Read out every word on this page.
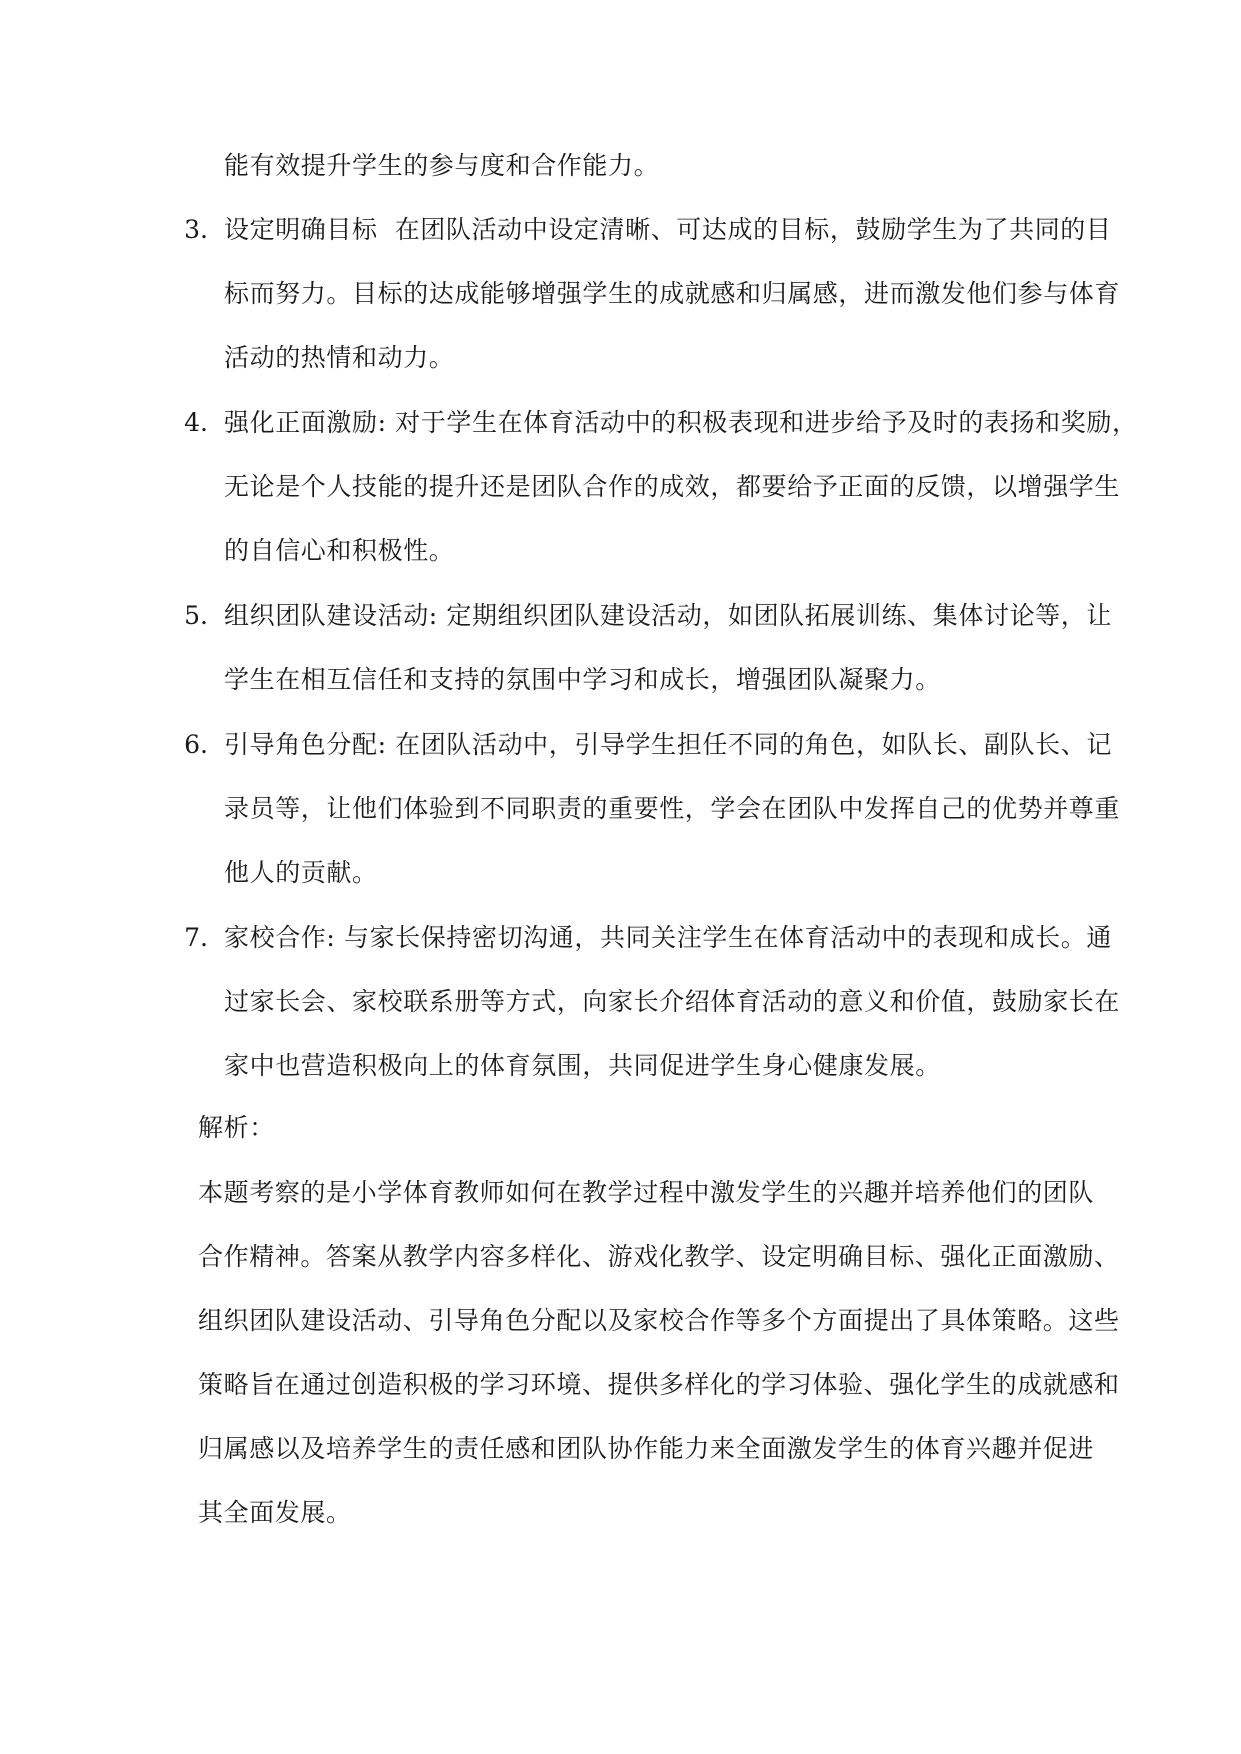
能有效提升学生的参与度和合作能力。
3. 设定明确目标 在团队活动中设定清晰、可达成的目标，鼓励学生为了共同的目
标而努力。目标的达成能够增强学生的成就感和归属感，进而激发他们参与体育
活动的热情和动力。
4. 强化正面激励: 对于学生在体育活动中的积极表现和进步给予及时的表扬和奖励，
无论是个人技能的提升还是团队合作的成效，都要给予正面的反馈，以增强学生
的自信心和积极性。
5. 组织团队建设活动: 定期组织团队建设活动，如团队拓展训练、集体讨论等，让
学生在相互信任和支持的氛围中学习和成长，增强团队凝聚力。
6. 引导角色分配: 在团队活动中，引导学生担任不同的角色，如队长、副队长、记
录员等，让他们体验到不同职责的重要性，学会在团队中发挥自己的优势并尊重
他人的贡献。
7. 家校合作: 与家长保持密切沟通，共同关注学生在体育活动中的表现和成长。通
过家长会、家校联系册等方式，向家长介绍体育活动的意义和价值，鼓励家长在
家中也营造积极向上的体育氛围，共同促进学生身心健康发展。
解析：
本题考察的是小学体育教师如何在教学过程中激发学生的兴趣并培养他们的团队
合作精神。答案从教学内容多样化、游戏化教学、设定明确目标、强化正面激励、
组织团队建设活动、引导角色分配以及家校合作等多个方面提出了具体策略。这些
策略旨在通过创造积极的学习环境、提供多样化的学习体验、强化学生的成就感和
归属感以及培养学生的责任感和团队协作能力来全面激发学生的体育兴趣并促进
其全面发展。
